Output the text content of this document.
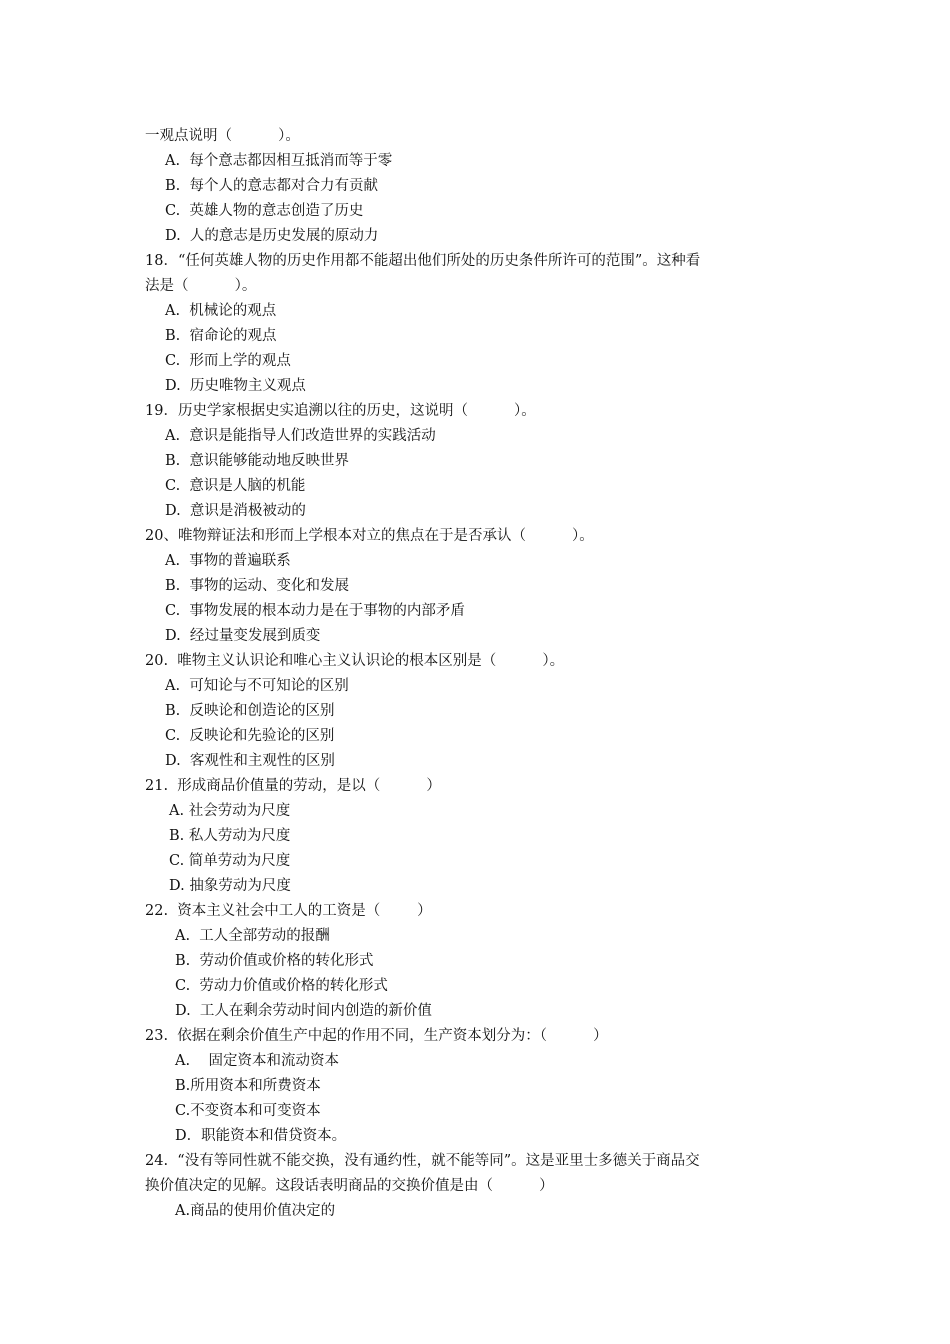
一观点说明（          ）。
A.  每个意志都因相互抵消而等于零
B.  每个人的意志都对合力有贡献
C.  英雄人物的意志创造了历史
D.  人的意志是历史发展的原动力
18．“任何英雄人物的历史作用都不能超出他们所处的历史条件所许可的范围”。这种看
法是（          ）。
A.  机械论的观点
B.  宿命论的观点
C.  形而上学的观点
D.  历史唯物主义观点
19．历史学家根据史实追溯以往的历史，这说明（          ）。
A.  意识是能指导人们改造世界的实践活动
B.  意识能够能动地反映世界
C.  意识是人脑的机能
D.  意识是消极被动的
20、唯物辩证法和形而上学根本对立的焦点在于是否承认（          ）。
A.  事物的普遍联系
B.  事物的运动、变化和发展
C.  事物发展的根本动力是在于事物的内部矛盾
D.  经过量变发展到质变
20.  唯物主义认识论和唯心主义认识论的根本区别是（          ）。
A.  可知论与不可知论的区别
B.  反映论和创造论的区别
C.  反映论和先验论的区别
D.  客观性和主观性的区别
21.  形成商品价值量的劳动，是以（          ）
A. 社会劳动为尺度
B. 私人劳动为尺度
C. 简单劳动为尺度
D. 抽象劳动为尺度
22.  资本主义社会中工人的工资是（        ）
A.  工人全部劳动的报酬
B.  劳动价值或价格的转化形式
C.  劳动力价值或价格的转化形式
D.  工人在剩余劳动时间内创造的新价值
23.  依据在剩余价值生产中起的作用不同，生产资本划分为：（          ）
A.    固定资本和流动资本
B.所用资本和所费资本
C.不变资本和可变资本
D．职能资本和借贷资本。
24.  “没有等同性就不能交换，没有通约性，就不能等同”。这是亚里士多德关于商品交
换价值决定的见解。这段话表明商品的交换价值是由（          ）
A.商品的使用价值决定的
